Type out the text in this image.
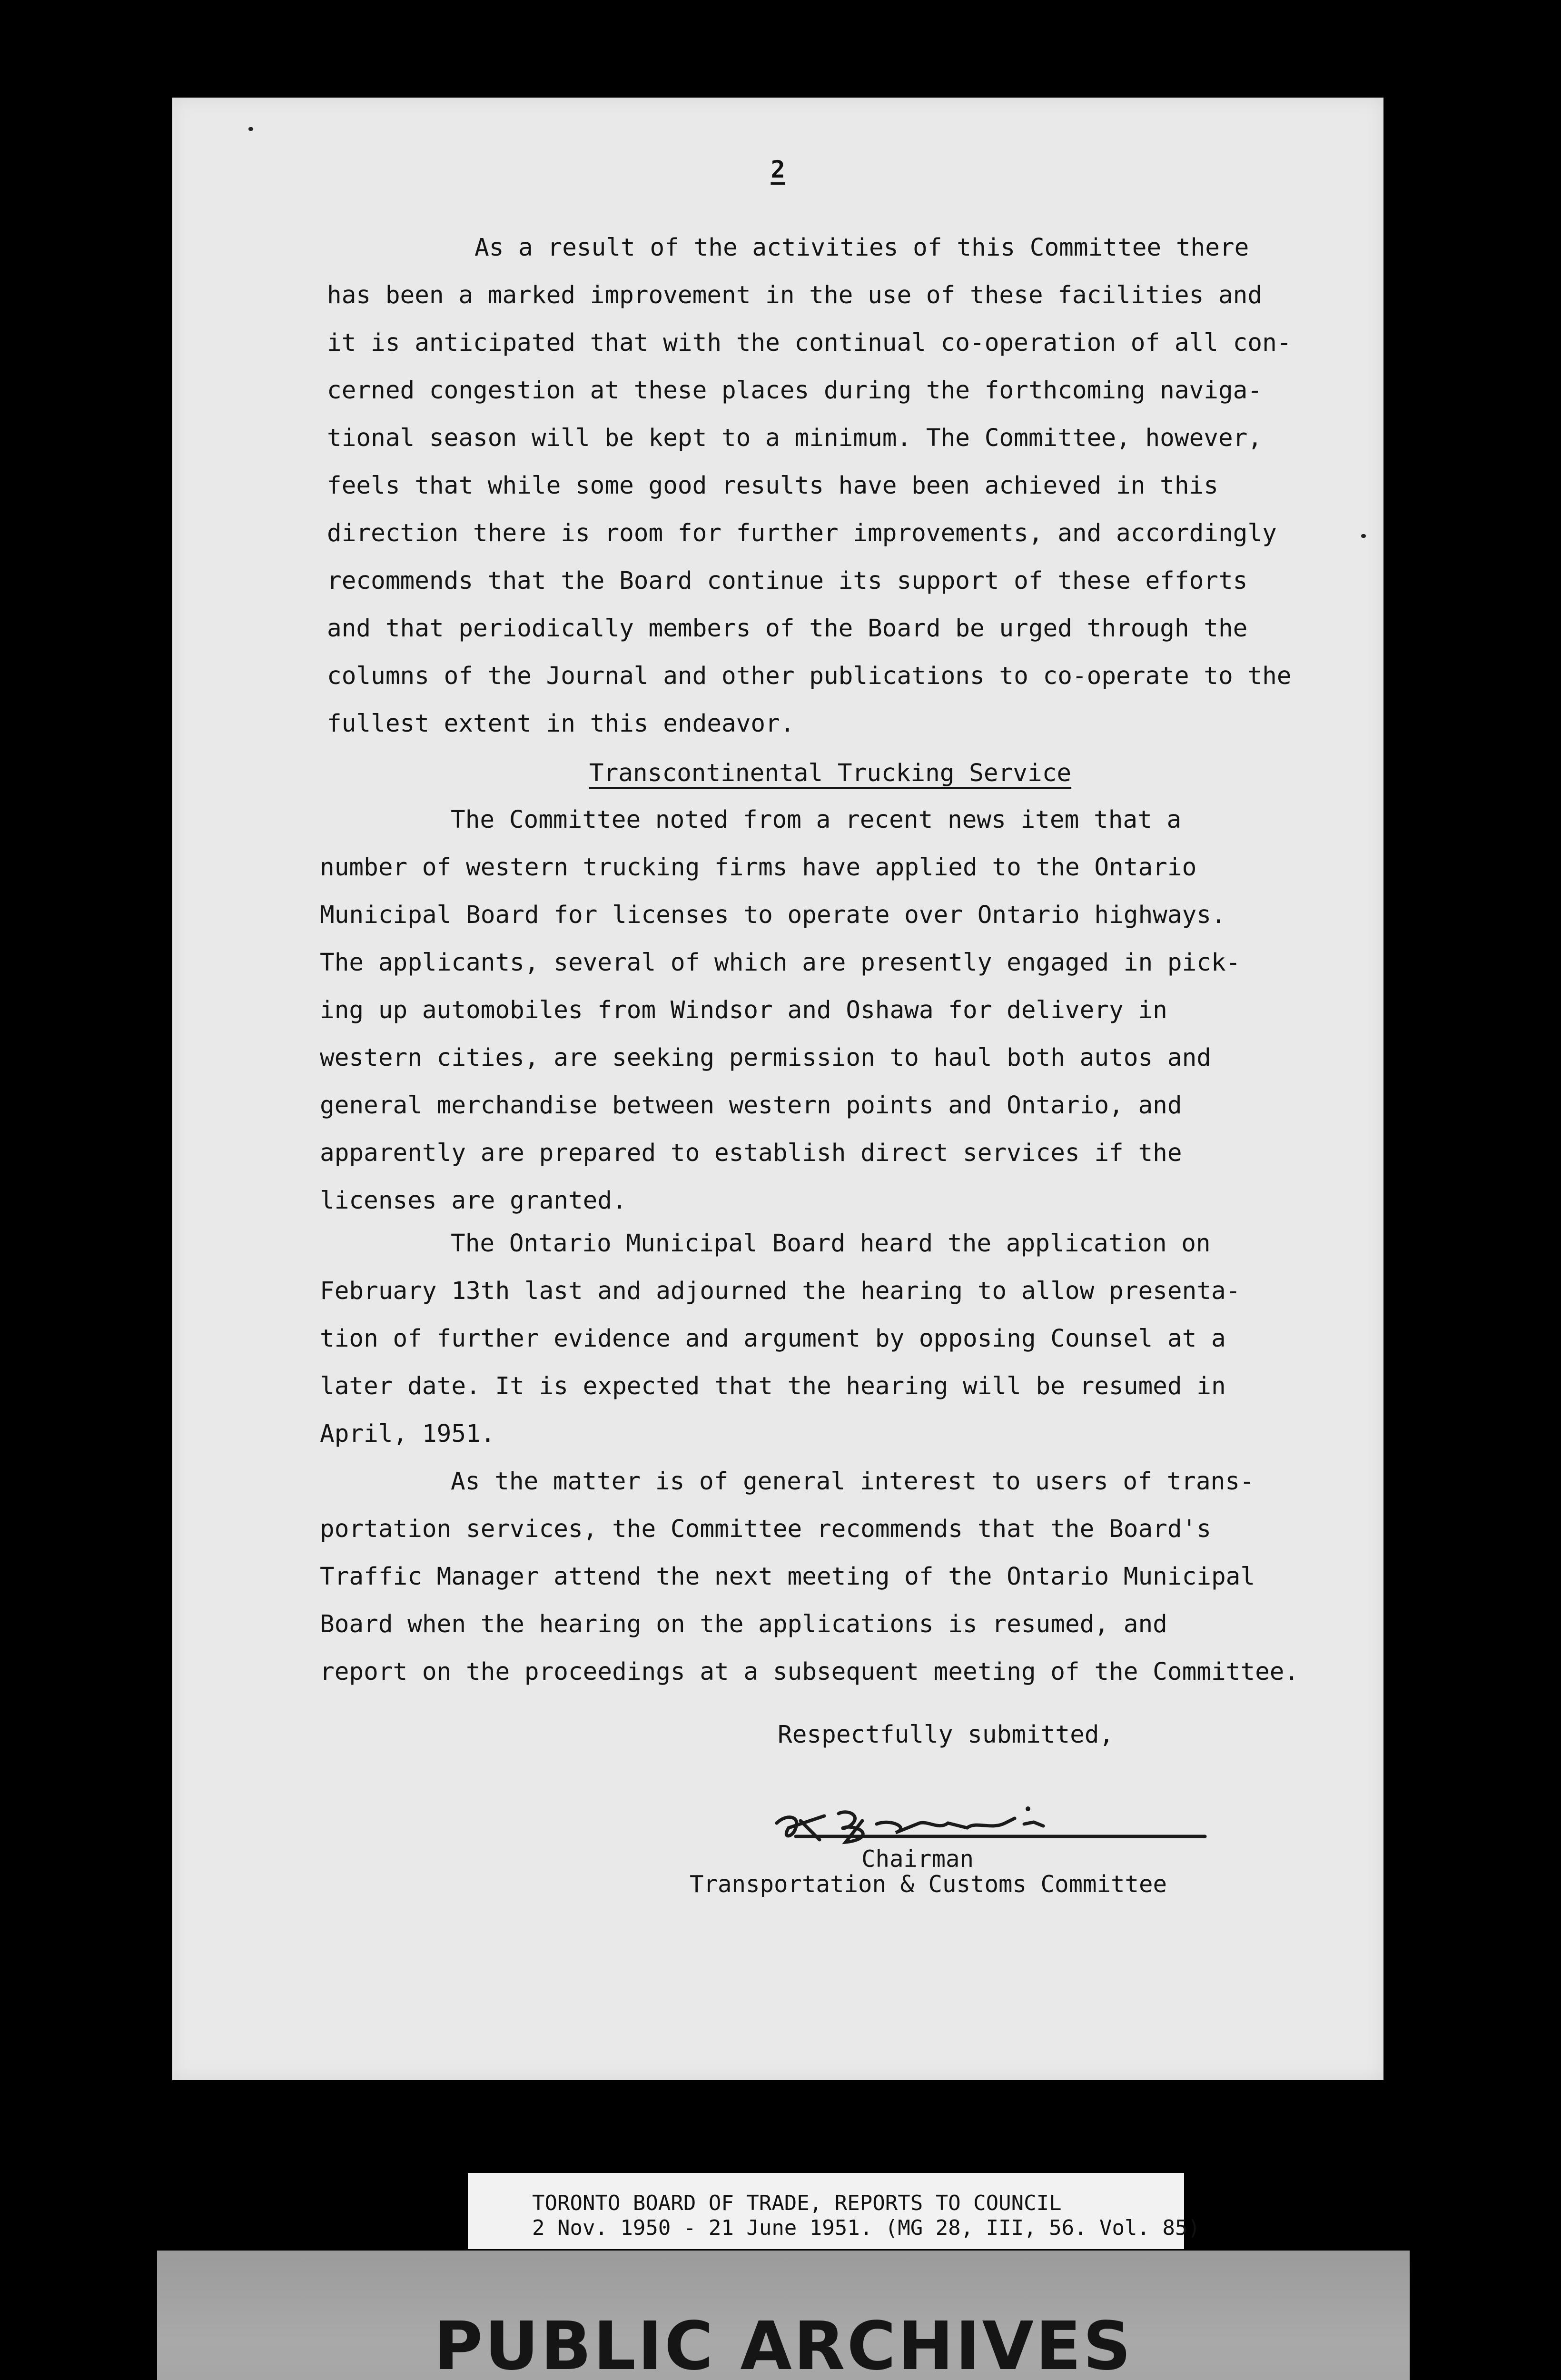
2
As a result of the activities of this Committee there
has been a marked improvement in the use of these facilities and
it is anticipated that with the continual co-operation of all con-
cerned congestion at these places during the forthcoming naviga-
tional season will be kept to a minimum. The Committee, however,
feels that while some good results have been achieved in this
direction there is room for further improvements, and accordingly
recommends that the Board continue its support of these efforts
and that periodically members of the Board be urged through the
columns of the Journal and other publications to co-operate to the
fullest extent in this endeavor.
Transcontinental Trucking Service
The Committee noted from a recent news item that a
number of western trucking firms have applied to the Ontario
Municipal Board for licenses to operate over Ontario highways.
The applicants, several of which are presently engaged in pick-
ing up automobiles from Windsor and Oshawa for delivery in
western cities, are seeking permission to haul both autos and
general merchandise between western points and Ontario, and
apparently are prepared to establish direct services if the
licenses are granted.
The Ontario Municipal Board heard the application on
February 13th last and adjourned the hearing to allow presenta-
tion of further evidence and argument by opposing Counsel at a
later date. It is expected that the hearing will be resumed in
April, 1951.
As the matter is of general interest to users of trans-
portation services, the Committee recommends that the Board's
Traffic Manager attend the next meeting of the Ontario Municipal
Board when the hearing on the applications is resumed, and
report on the proceedings at a subsequent meeting of the Committee.
Respectfully submitted,
Chairman
Transportation & Customs Committee
TORONTO BOARD OF TRADE, REPORTS TO COUNCIL
2 Nov. 1950 - 21 June 1951. (MG 28, III, 56. Vol. 85)
PUBLIC ARCHIVES
